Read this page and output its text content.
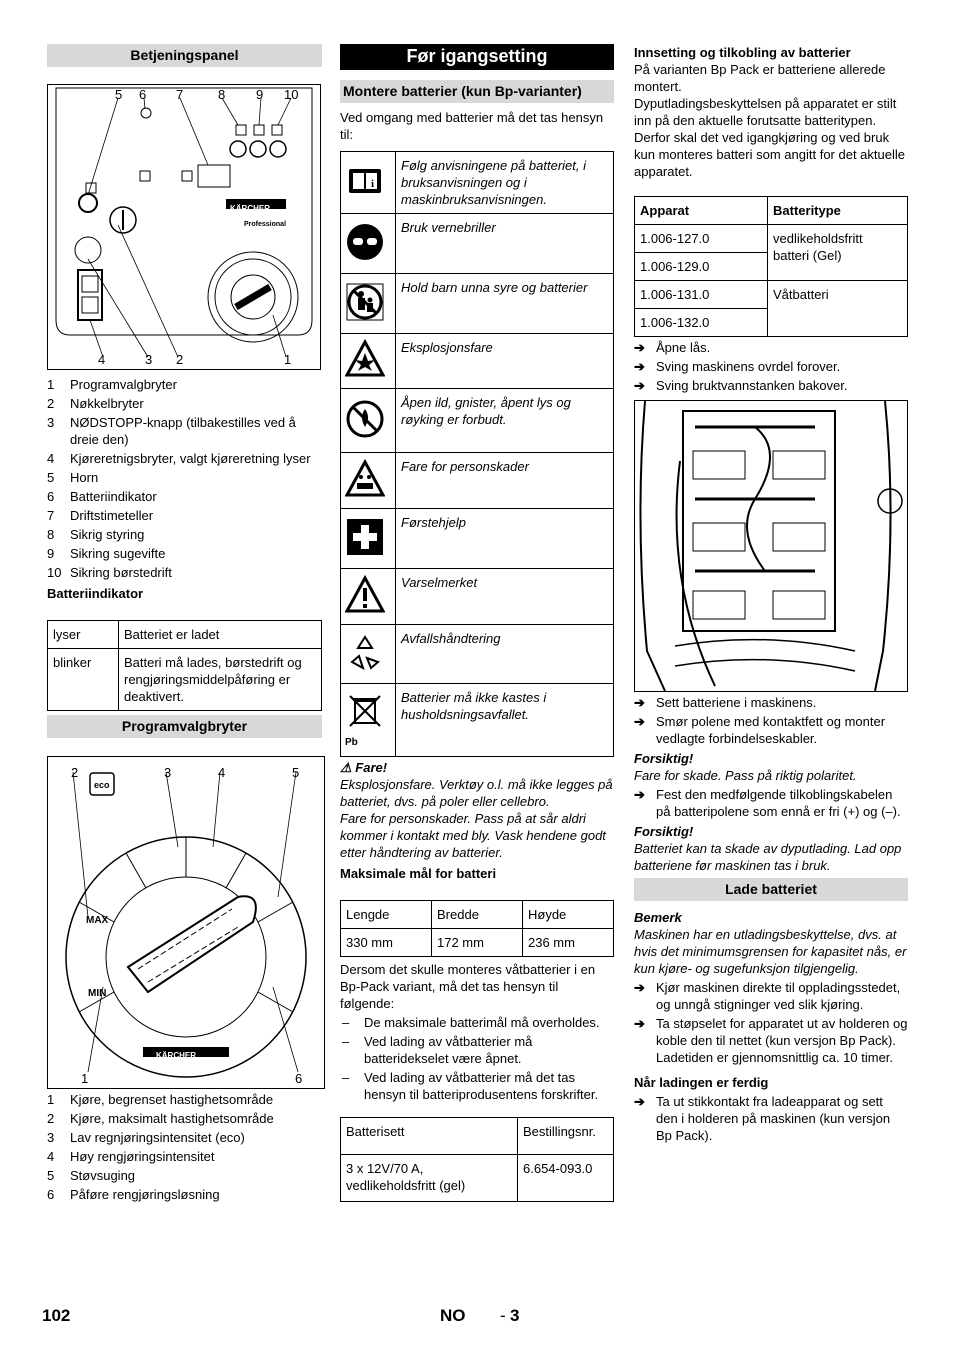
Betjeningspanel
5 6 7	8 9 10
KÄRCHER
Professional
4	3 2	1
1	Programvalgbryter
2	Nøkkelbryter
3	NØDSTOPP-knapp (tilbakestilles ved å dreie den)
4	Kjøreretnigsbryter, valgt kjøreretning lyser
5	Horn
6	Batteriindikator
7	Driftstimeteller
8	Sikrig styring
9	Sikring sugevifte
10 Sikring børstedrift
Batteriindikator
lyser	Batteriet er ladet
blinker	Batteri må lades, børstedrift og rengjøringsmiddelpåføring er deaktivert.
Programvalgbryter
2	3	4	5
eco
MAX
MIN
KÄRCHER
1	6
1	Kjøre, begrenset hastighetsområde
2	Kjøre, maksimalt hastighetsområde
3	Lav regnjøringsintensitet (eco)
4	Høy rengjøringsintensitet
5	Støvsuging
6	Påføre rengjøringsløsning
Før igangsetting
Montere batterier (kun Bp-varianter)
Ved omgang med batterier må det tas hensyn til:
i	Følg anvisningene på batteriet, i bruksanvisningen og i maskinbruksanvisningen.
	Bruk vernebriller
	Hold barn unna syre og batterier
	Eksplosjonsfare
	Åpen ild, gnister, åpent lys og røyking er forbudt.
	Fare for personskader
	Førstehjelp
	Varselmerket
	Avfallshåndtering

Pb	Batterier må ikke kastes i husholdsningsavfallet.
⚠ Fare!
Eksplosjonsfare. Verktøy o.l. må ikke legges på batteriet, dvs. på poler eller cellebro.
Fare for personskader. Pass på at sår aldri kommer i kontakt med bly. Vask hendene godt etter håndtering av batterier.
Maksimale mål for batteri
Lengde	Bredde	Høyde
330 mm	172 mm	236 mm
Dersom det skulle monteres våtbatterier i en Bp-Pack variant, må det tas hensyn til følgende:
–	De maksimale batterimål må overholdes.
–	Ved lading av våtbatterier må batteridekselet være åpnet.
–	Ved lading av våtbatterier må det tas hensyn til batteriprodusentens forskrifter.
Batterisett	Bestillingsnr.
3 x 12V/70 A, vedlikeholdsfritt (gel)	6.654-093.0
Innsetting og tilkobling av batterier
På varianten Bp Pack er batteriene allerede montert.
Dyputladingsbeskyttelsen på apparatet er stilt inn på den aktuelle forutsatte batteritypen. Derfor skal det ved igangkjøring og ved bruk kun monteres batteri som angitt for det aktuelle apparatet.
Apparat	Batteritype
1.006-127.0	vedlikeholdsfritt batteri (Gel)
1.006-129.0	
1.006-131.0	Våtbatteri
1.006-132.0	
➔ Åpne lås.
➔ Sving maskinens ovrdel forover.
➔ Sving bruktvannstanken bakover.
➔ Sett batteriene i maskinens.
➔ Smør polene med kontaktfett og monter vedlagte forbindelseskabler.
Forsiktig!
Fare for skade. Pass på riktig polaritet.
➔ Fest den medfølgende tilkoblingskabelen på batteripolene som ennå er fri (+) og (–).
Forsiktig!
Batteriet kan ta skade av dyputlading. Lad opp batteriene før maskinen tas i bruk.
Lade batteriet
Bemerk
Maskinen har en utladingsbeskyttelse, dvs. at hvis det minimumsgrensen for kapasitet nås, er kun kjøre- og sugefunksjon tilgjengelig.
➔ Kjør maskinen direkte til oppladingsstedet, og unngå stigninger ved slik kjøring.
➔ Ta støpselet for apparatet ut av holderen og koble den til nettet (kun versjon Bp Pack).
Ladetiden er gjennomsnittlig ca. 10 timer.
Når ladingen er ferdig
➔ Ta ut stikkontakt fra ladeapparat og sett den i holderen på maskinen (kun versjon Bp Pack).
102	NO - 3
